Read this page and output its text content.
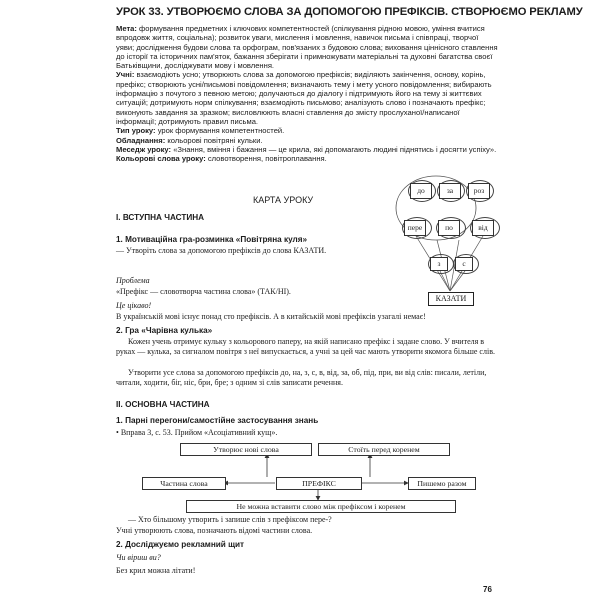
УРОК 33. УТВОРЮЄМО СЛОВА ЗА ДОПОМОГОЮ ПРЕФІКСІВ. СТВОРЮЄМО РЕКЛАМУ

Мета: формування предметних і ключових компетентностей (спілкування рідною мовою, уміння вчитися впродовж життя, соціальна); розвиток уваги, мислення і мовлення, навичок письма і співпраці, творчої уяви; дослідження будови слова та орфограм, пов'язаних з будовою слова; виховання ціннісного ставлення до історії та історичних пам'яток, бажання зберігати і примножувати матеріальні та духовні багатства своєї Батьківщини, досліджувати мову і мовлення.

Учні: взаємодіють усно; утворюють слова за допомогою префіксів; виділяють закінчення, основу, корінь, префікс; створюють усні/письмові повідомлення; визначають тему і мету усного повідомлення; вибирають інформацію з почутого з певною метою; долучаються до діалогу і підтримують його на тему зі життєвих ситуацій; дотримують норм спілкування; взаємодіють письмово; аналізують слово і позначають префікс; виконують завдання за зразком; висловлюють власні ставлення до змісту прослуханої/написаної інформації; дотримують правил письма.

Тип уроку: урок формування компетентностей.

Обладнання: кольорові повітряні кульки.

Меседж уроку: «Знання, вміння і бажання — це крила, які допомагають людині піднятись і досягти успіху».

Кольорові слова уроку: словотворення, повітроплавання.

КАРТА УРОКУ
до	за	роз
пере	по	від
з	с
КАЗАТИ
I. ВСТУПНА ЧАСТИНА
1. Мотиваційна гра-розминка «Повітряна куля»
— Утворіть слова за допомогою префіксів до слова КАЗАТИ.
Проблема
«Префікс — словотворча частина слова» (ТАК/НІ).
Це цікаво!
В українській мові існує понад сто префіксів. А в китайській мові префіксів узагалі немає!
2. Гра «Чарівна кулька»
Кожен учень отримує кульку з кольорового паперу, на якій написано префікс і задане слово. У вчителя в руках — кулька, за сигналом повітря з неї випускається, а учні за цей час мають утворити якомога більше слів.
Утворити усе слова за допомогою префіксів до, на, з, с, в, від, за, об, під, при, ви від слів: писали, летіли, читали, ходити, бiг, нiс, бри, бре; з одним зі слів записати речення.
II. ОСНОВНА ЧАСТИНА
1. Парні перегони/самостійне застосування знань
• Вправа 3, с. 53. Прийом «Асоціативний кущ».
Утворює нові слова	Стоїть перед коренем
Частина слова	ПРЕФІКС	Пишемо разом
Не можна вставити слово між префіксом і коренем
— Хто більшому утворить і запише слів з префіксом пере-?
Учні утворюють слова, позначають відомі частини слова.
2. Досліджуємо рекламний щит
Чи віриш ви?
Без крил можна літати!
76
